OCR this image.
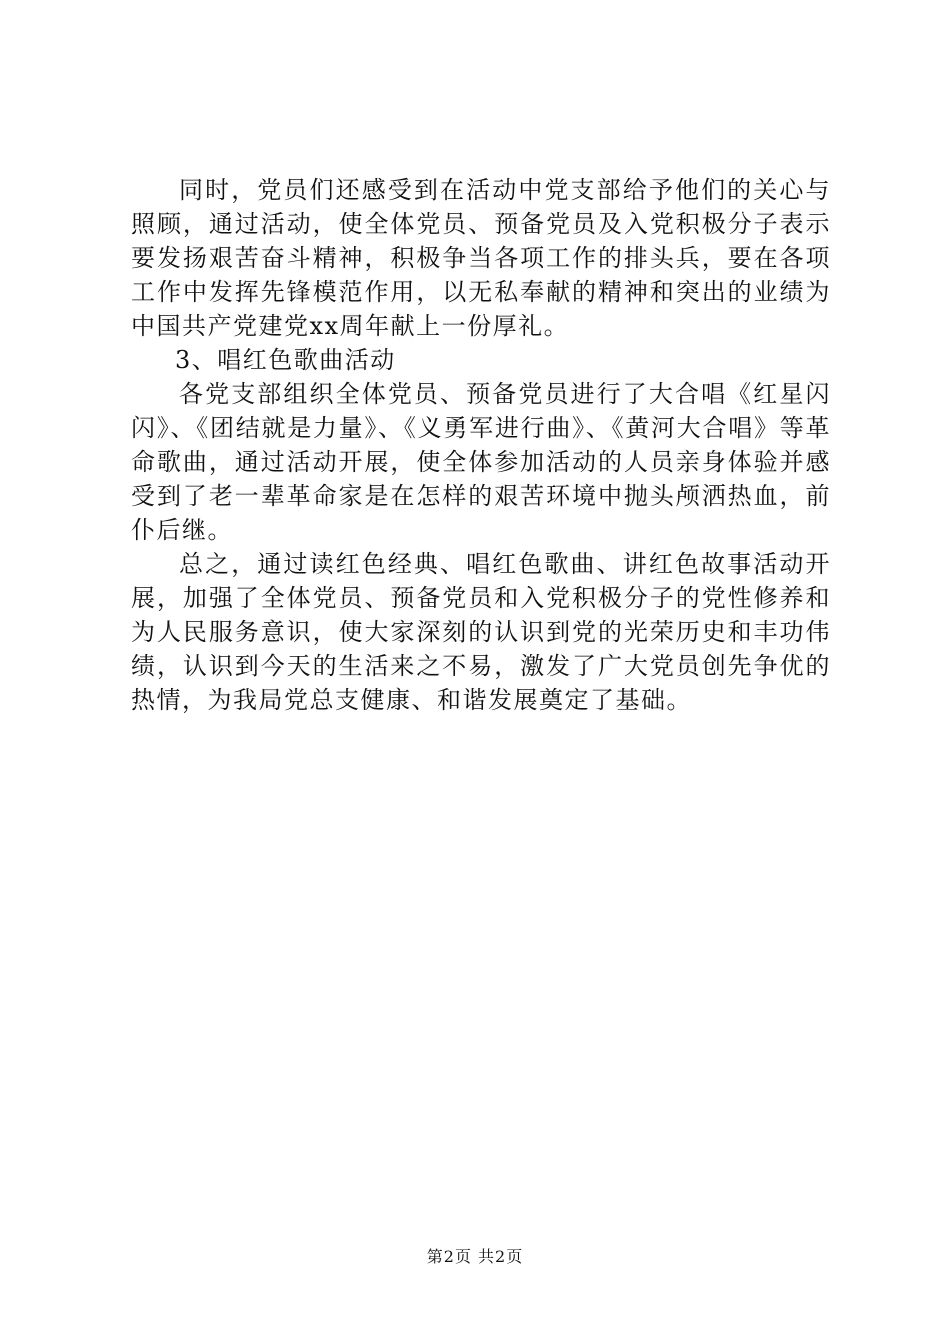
同时，党员们还感受到在活动中党支部给予他们的关心与照顾，通过活动，使全体党员、预备党员及入党积极分子表示要发扬艰苦奋斗精神，积极争当各项工作的排头兵，要在各项工作中发挥先锋模范作用，以无私奉献的精神和突出的业绩为中国共产党建党xx周年献上一份厚礼。

3、唱红色歌曲活动

各党支部组织全体党员、预备党员进行了大合唱《红星闪闪》、《团结就是力量》、《义勇军进行曲》、《黄河大合唱》等革命歌曲，通过活动开展，使全体参加活动的人员亲身体验并感受到了老一辈革命家是在怎样的艰苦环境中抛头颅洒热血，前仆后继。

总之，通过读红色经典、唱红色歌曲、讲红色故事活动开展，加强了全体党员、预备党员和入党积极分子的党性修养和为人民服务意识，使大家深刻的认识到党的光荣历史和丰功伟绩，认识到今天的生活来之不易，激发了广大党员创先争优的热情，为我局党总支健康、和谐发展奠定了基础。

第2页 共2页
